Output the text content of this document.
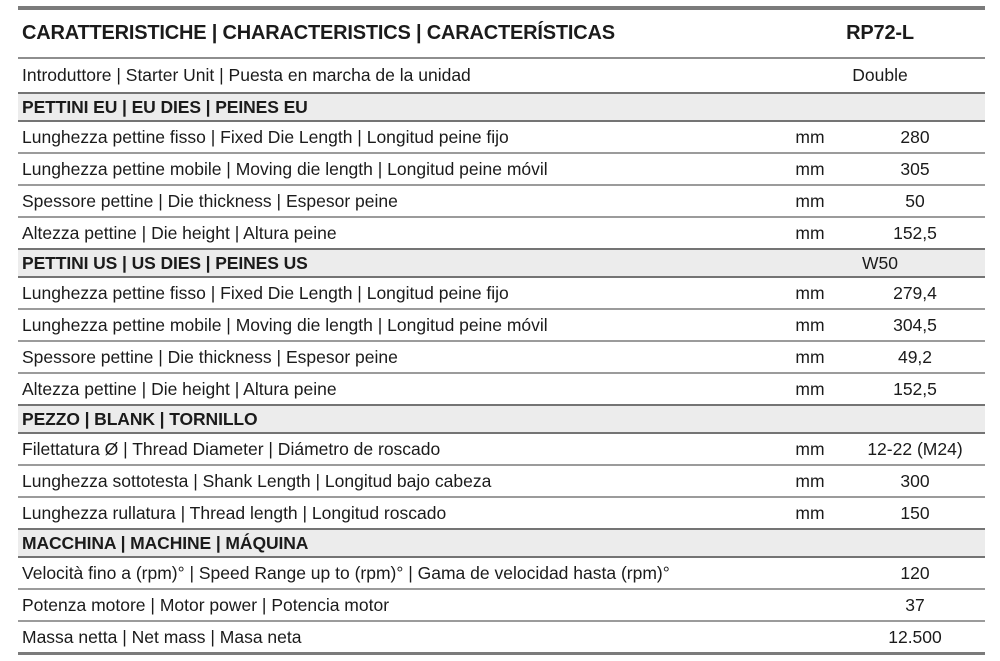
CARATTERISTICHE | CHARACTERISTICS | CARACTERÍSTICAS	RP72-L
Introduttore | Starter Unit | Puesta en marcha de la unidad	Double
PETTINI EU | EU DIES | PEINES EU
Lunghezza pettine fisso | Fixed Die Length | Longitud peine fijo	mm	280
Lunghezza pettine mobile | Moving die length | Longitud peine móvil	mm	305
Spessore pettine | Die thickness | Espesor peine	mm	50
Altezza pettine | Die height | Altura peine	mm	152,5
PETTINI US | US DIES | PEINES US	W50
Lunghezza pettine fisso | Fixed Die Length | Longitud peine fijo	mm	279,4
Lunghezza pettine mobile | Moving die length | Longitud peine móvil	mm	304,5
Spessore pettine | Die thickness | Espesor peine	mm	49,2
Altezza pettine | Die height | Altura peine	mm	152,5
PEZZO | BLANK | TORNILLO
Filettatura Ø | Thread Diameter | Diámetro de roscado	mm	12-22 (M24)
Lunghezza sottotesta | Shank Length | Longitud bajo cabeza	mm	300
Lunghezza rullatura | Thread length | Longitud roscado	mm	150
MACCHINA | MACHINE | MÁQUINA
Velocità fino a (rpm)° | Speed Range up to (rpm)° | Gama de velocidad hasta (rpm)°	120
Potenza motore | Motor power | Potencia motor	37
Massa netta | Net mass | Masa neta	12.500
